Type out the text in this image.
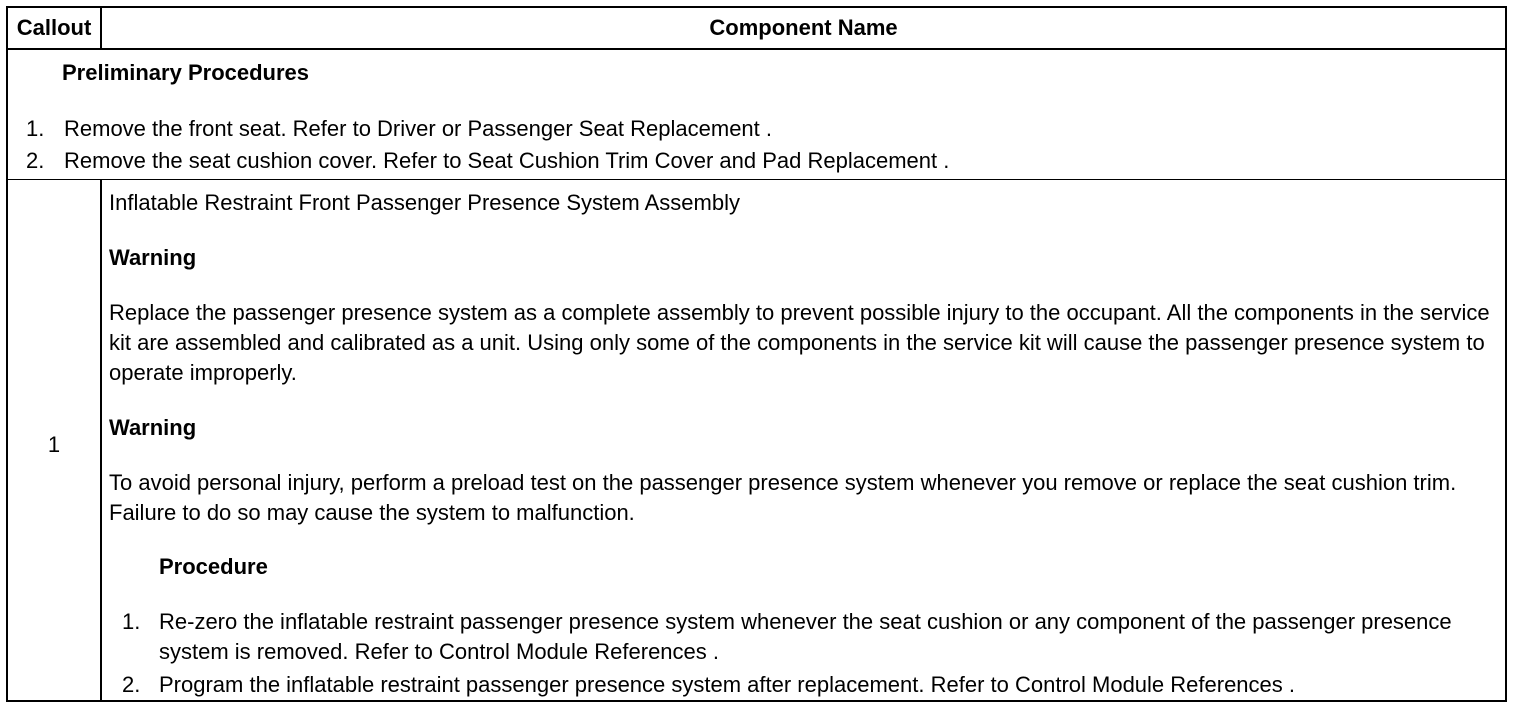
Callout	Component Name
Preliminary Procedures
1. Remove the front seat. Refer to Driver or Passenger Seat Replacement .
2. Remove the seat cushion cover. Refer to Seat Cushion Trim Cover and Pad Replacement .
1
Inflatable Restraint Front Passenger Presence System Assembly
Warning
Replace the passenger presence system as a complete assembly to prevent possible injury to the occupant. All the components in the service kit are assembled and calibrated as a unit. Using only some of the components in the service kit will cause the passenger presence system to operate improperly.
Warning
To avoid personal injury, perform a preload test on the passenger presence system whenever you remove or replace the seat cushion trim. Failure to do so may cause the system to malfunction.
Procedure
1. Re-zero the inflatable restraint passenger presence system whenever the seat cushion or any component of the passenger presence system is removed. Refer to Control Module References .
2. Program the inflatable restraint passenger presence system after replacement. Refer to Control Module References .
